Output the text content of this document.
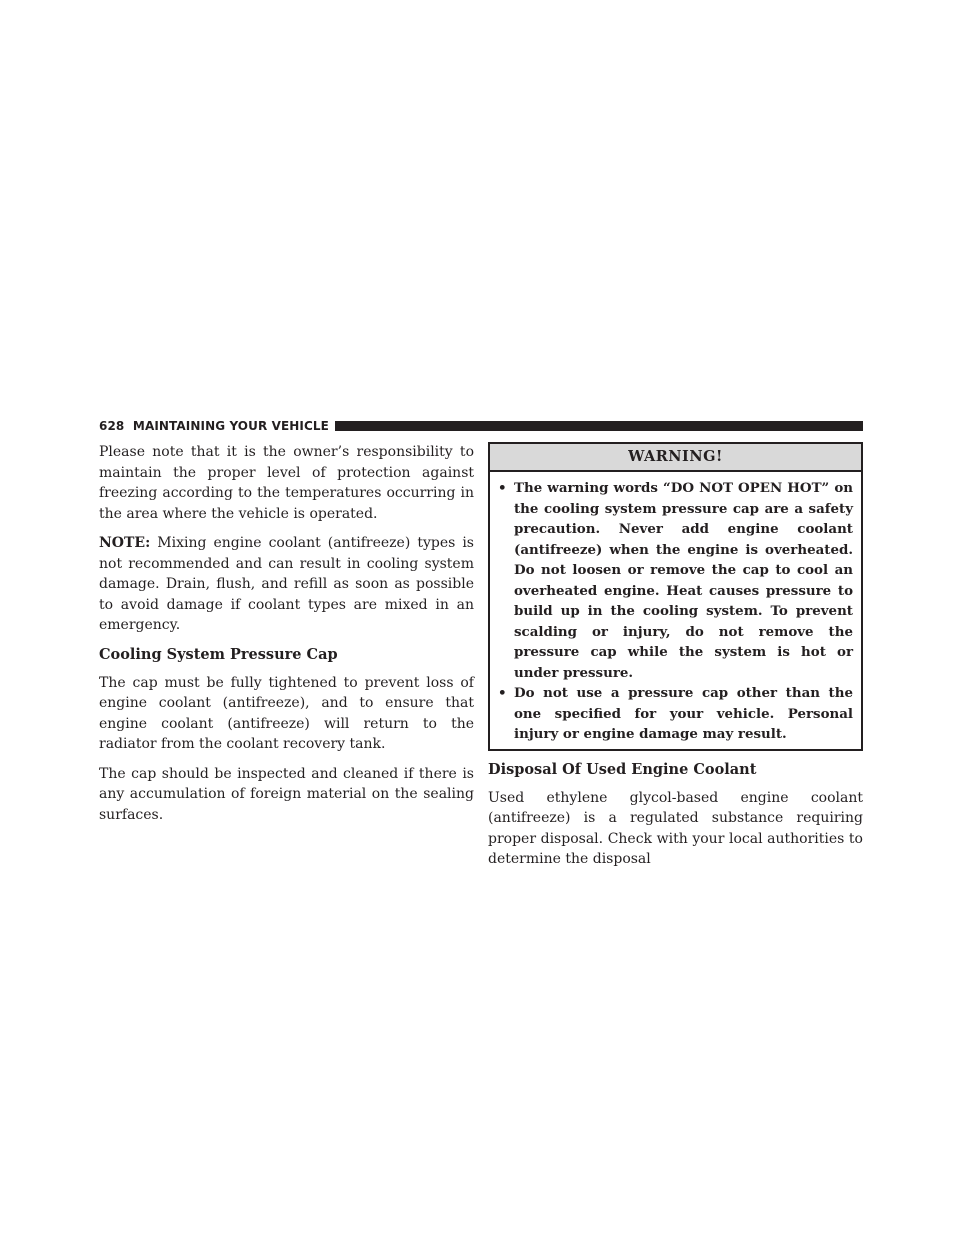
628 MAINTAINING YOUR VEHICLE

Please note that it is the owner’s responsibility to maintain the proper level of protection against freezing according to the temperatures occurring in the area where the vehicle is operated.

NOTE: Mixing engine coolant (antifreeze) types is not recommended and can result in cooling system damage. Drain, flush, and refill as soon as possible to avoid damage if coolant types are mixed in an emergency.

Cooling System Pressure Cap

The cap must be fully tightened to prevent loss of engine coolant (antifreeze), and to ensure that engine coolant (antifreeze) will return to the radiator from the coolant recovery tank.

The cap should be inspected and cleaned if there is any accumulation of foreign material on the sealing surfaces.

WARNING!
• The warning words “DO NOT OPEN HOT” on the cooling system pressure cap are a safety precaution. Never add engine coolant (antifreeze) when the engine is overheated. Do not loosen or remove the cap to cool an overheated engine. Heat causes pressure to build up in the cooling system. To prevent scalding or injury, do not remove the pressure cap while the system is hot or under pressure.
• Do not use a pressure cap other than the one specified for your vehicle. Personal injury or engine damage may result.
Disposal Of Used Engine Coolant

Used ethylene glycol-based engine coolant (antifreeze) is a regulated substance requiring proper disposal. Check with your local authorities to determine the disposal
